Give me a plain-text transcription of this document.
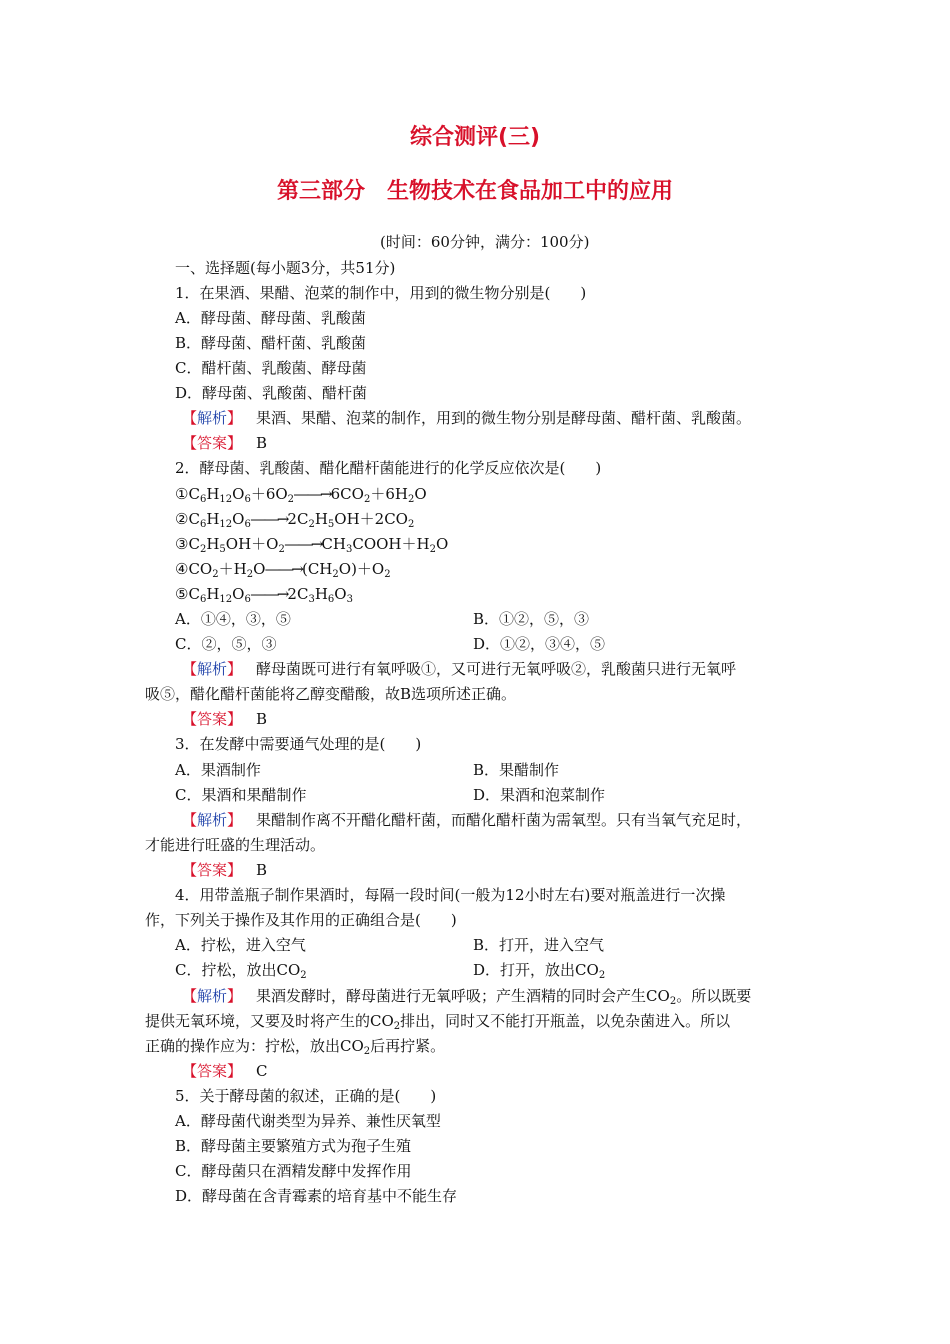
综合测评(三)
第三部分　生物技术在食品加工中的应用
(时间：60分钟，满分：100分)
一、选择题(每小题3分，共51分)
1．在果酒、果醋、泡菜的制作中，用到的微生物分别是(　　)
A．酵母菌、酵母菌、乳酸菌
B．酵母菌、醋杆菌、乳酸菌
C．醋杆菌、乳酸菌、酵母菌
D．酵母菌、乳酸菌、醋杆菌
【解析】 果酒、果醋、泡菜的制作，用到的微生物分别是酵母菌、醋杆菌、乳酸菌。
【答案】 B
2．酵母菌、乳酸菌、醋化醋杆菌能进行的化学反应依次是(　　)
$①C_6H_{12}O_6+6O_2――\to 6CO_2+6H_2O$
$②C_6H_{12}O_6――\to 2C_2H_5OH+2CO_2$
$③C_2H_5OH+O_2――\to CH_3COOH+H_2O$
$④CO_2+H_2O――\to(CH_2O)+O_2$
$⑤C_6H_{12}O_6――\to 2C_3H_6O_3$
A．①④，③，⑤	B．①②，⑤，③
C．②，⑤，③	D．①②，③④，⑤
【解析】 酵母菌既可进行有氧呼吸①，又可进行无氧呼吸②，乳酸菌只进行无氧呼
吸⑤，醋化醋杆菌能将乙醇变醋酸，故B选项所述正确。
【答案】 B
3．在发酵中需要通气处理的是(　　)
A．果酒制作	B．果醋制作
C．果酒和果醋制作	D．果酒和泡菜制作
【解析】 果醋制作离不开醋化醋杆菌，而醋化醋杆菌为需氧型。只有当氧气充足时，
才能进行旺盛的生理活动。
【答案】 B
4．用带盖瓶子制作果酒时，每隔一段时间(一般为12小时左右)要对瓶盖进行一次操
作，下列关于操作及其作用的正确组合是(　　)
A．拧松，进入空气	B．打开，进入空气
C．拧松，放出$CO_2$	D．打开，放出$CO_2$
【解析】 果酒发酵时，酵母菌进行无氧呼吸；产生酒精的同时会产生$CO_2$。所以既要
提供无氧环境，又要及时将产生的$CO_2$排出，同时又不能打开瓶盖，以免杂菌进入。所以
正确的操作应为：拧松，放出$CO_2$后再拧紧。
【答案】 C
5．关于酵母菌的叙述，正确的是(　　)
A．酵母菌代谢类型为异养、兼性厌氧型
B．酵母菌主要繁殖方式为孢子生殖
C．酵母菌只在酒精发酵中发挥作用
D．酵母菌在含青霉素的培育基中不能生存
